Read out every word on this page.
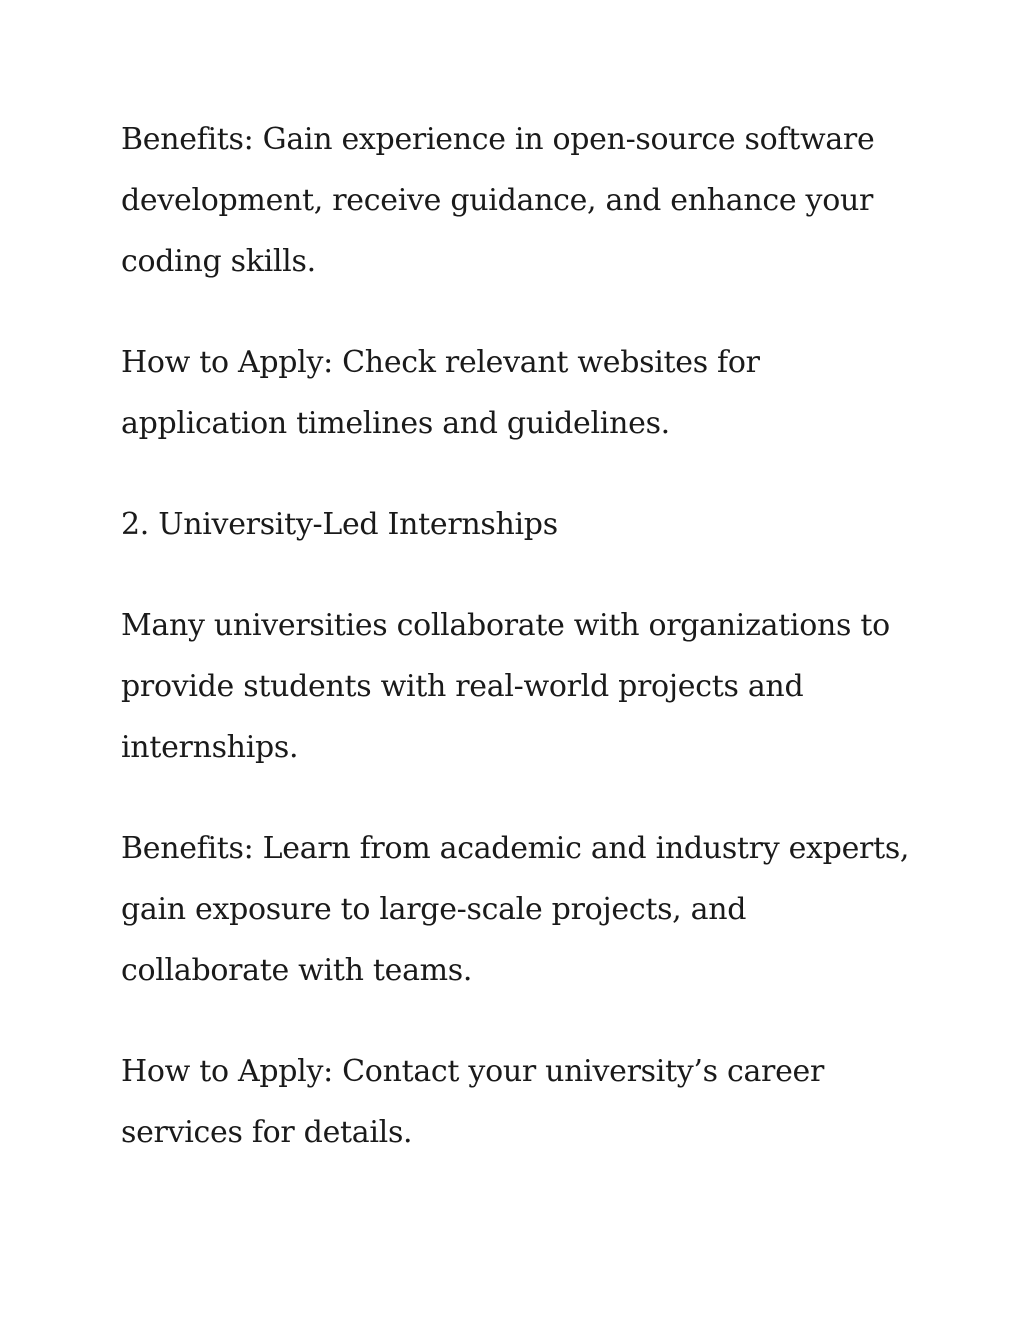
Benefits: Gain experience in open-source software development, receive guidance, and enhance your coding skills.

How to Apply: Check relevant websites for application timelines and guidelines.

2. University-Led Internships

Many universities collaborate with organizations to provide students with real-world projects and internships.

Benefits: Learn from academic and industry experts, gain exposure to large-scale projects, and collaborate with teams.

How to Apply: Contact your university’s career services for details.
